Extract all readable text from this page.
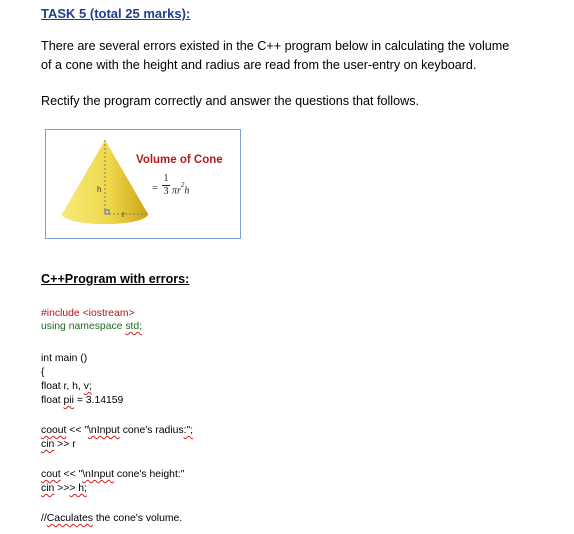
TASK 5 (total 25 marks):
There are several errors existed in the C++ program below in calculating the volume
of a cone with the height and radius are read from the user-entry on keyboard.
Rectify the program correctly and answer the questions that follows.
h
r
Volume of Cone
=
1
3 $\pi r^2h$
C++Program with errors:
#include <iostream>
using namespace std;
int main ()
{
float r, h, v;
float pii = 3.14159
coout << "\nInput cone's radius:";
cin >> r
cout << "\nInput cone's height:"
cin >>> h;
//Caculates the cone's volume.
